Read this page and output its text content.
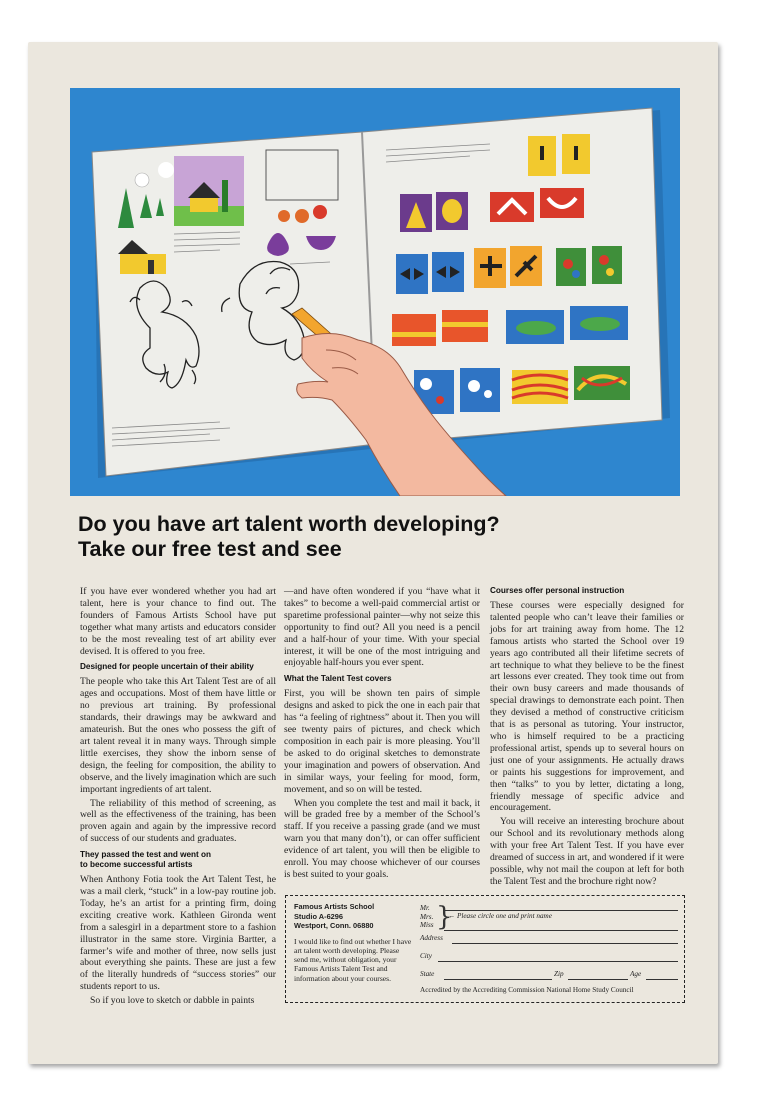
Do you have art talent worth developing?
Take our free test and see

If you have ever wondered whether you had art talent, here is your chance to find out. The founders of Famous Artists School have put together what many artists and educators consider to be the most revealing test of art ability ever devised. It is offered to you free.

Designed for people uncertain of their ability

The people who take this Art Talent Test are of all ages and occupations. Most of them have little or no previous art training. By professional standards, their drawings may be awkward and amateurish. But the ones who possess the gift of art talent reveal it in many ways. Through simple little exercises, they show the inborn sense of design, the feeling for composition, the ability to observe, and the lively imagination which are such important ingredients of art talent.

The reliability of this method of screening, as well as the effectiveness of the training, has been proven again and again by the impressive record of success of our students and graduates.

They passed the test and went on
to become successful artists

When Anthony Fotia took the Art Talent Test, he was a mail clerk, “stuck” in a low-pay routine job. Today, he’s an artist for a printing firm, doing exciting creative work. Kathleen Gironda went from a salesgirl in a department store to a fashion illustrator in the same store. Virginia Bartter, a farmer’s wife and mother of three, now sells just about everything she paints. These are just a few of the literally hundreds of “success stories” our students report to us.

So if you love to sketch or dabble in paints

—and have often wondered if you “have what it takes” to become a well-paid commercial artist or sparetime professional painter—why not seize this opportunity to find out? All you need is a pencil and a half-hour of your time. With your special interest, it will be one of the most intriguing and enjoyable half-hours you ever spent.

What the Talent Test covers

First, you will be shown ten pairs of simple designs and asked to pick the one in each pair that has “a feeling of rightness” about it. Then you will see twenty pairs of pictures, and check which composition in each pair is more pleasing. You’ll be asked to do original sketches to demonstrate your imagination and powers of observation. And in similar ways, your feeling for mood, form, movement, and so on will be tested.

When you complete the test and mail it back, it will be graded free by a member of the School’s staff. If you receive a passing grade (and we must warn you that many don’t), or can offer sufficient evidence of art talent, you will then be eligible to enroll. You may choose whichever of our courses is best suited to your goals.

Courses offer personal instruction

These courses were especially designed for talented people who can’t leave their families or jobs for art training away from home. The 12 famous artists who started the School over 19 years ago contributed all their lifetime secrets of art technique to what they believe to be the finest art lessons ever created. They took time out from their own busy careers and made thousands of special drawings to demonstrate each point. Then they devised a method of constructive criticism that is as personal as tutoring. Your instructor, who is himself required to be a practicing professional artist, spends up to several hours on just one of your assignments. He actually draws or paints his suggestions for improvement, and then “talks” to you by letter, dictating a long, friendly message of specific advice and encouragement.

You will receive an interesting brochure about our School and its revolutionary methods along with your free Art Talent Test. If you have ever dreamed of success in art, and wondered if it were possible, why not mail the coupon at left for both the Talent Test and the brochure right now?

Famous Artists School
Studio A-6296
Westport, Conn. 06880
I would like to find out whether I have art talent worth developing. Please send me, without obligation, your Famous Artists Talent Test and information about your courses.
Mr.
Mrs.
Miss }
← Please circle one and print name
Address
City
State	Zip	Age
Accredited by the Accrediting Commission National Home Study Council
